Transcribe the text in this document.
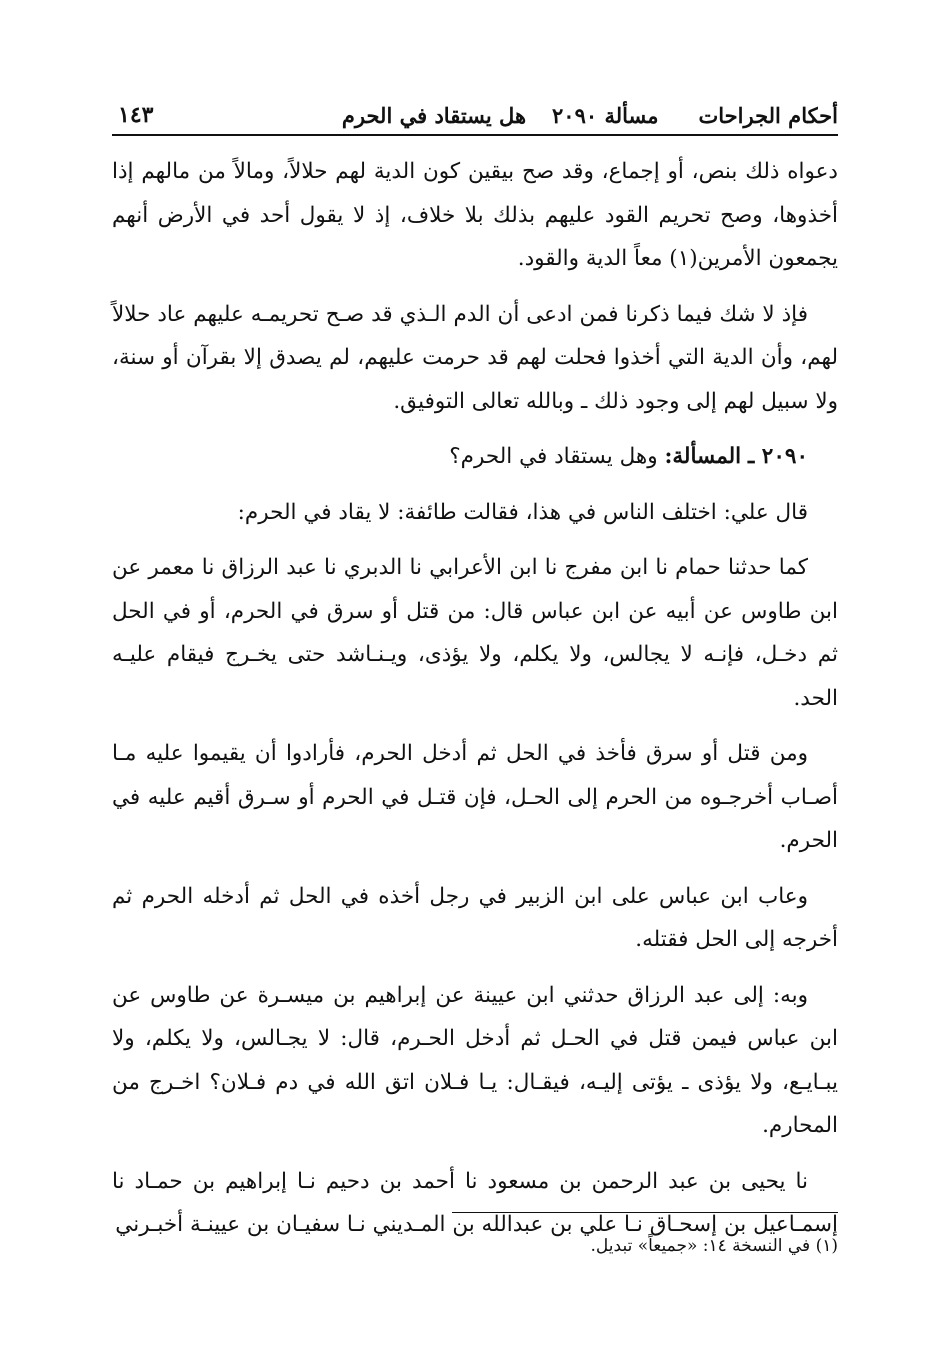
أحكام الجراحات
مسألة ٢٠٩٠
هل يستقاد في الحرم
١٤٣

دعواه ذلك بنص، أو إجماع، وقد صح بيقين كون الدية لهم حلالاً، ومالاً من مالهم إذا أخذوها، وصح تحريم القود عليهم بذلك بلا خلاف، إذ لا يقول أحد في الأرض أنهم يجمعون الأمرين(١) معاً الدية والقود.

فإذ لا شك فيما ذكرنا فمن ادعى أن الدم الـذي قد صـح تحريمـه عليهم عاد حلالاً لهم، وأن الدية التي أخذوا فحلت لهم قد حرمت عليهم، لم يصدق إلا بقرآن أو سنة، ولا سبيل لهم إلى وجود ذلك ـ وبالله تعالى التوفيق.

٢٠٩٠ ـ المسألة: وهل يستقاد في الحرم؟

قال علي: اختلف الناس في هذا، فقالت طائفة: لا يقاد في الحرم:

كما حدثنا حمام نا ابن مفرج نا ابن الأعرابي نا الدبري نا عبد الرزاق نا معمر عن ابن طاوس عن أبيه عن ابن عباس قال: من قتل أو سرق في الحرم، أو في الحل ثم دخـل، فإنـه لا يجالس، ولا يكلم، ولا يؤذى، ويـنـاشد حتى يخـرج فيقام عليـه الحد.

ومن قتل أو سرق فأخذ في الحل ثم أدخل الحرم، فأرادوا أن يقيموا عليه مـا أصـاب أخرجـوه من الحرم إلى الحـل، فإن قتـل في الحرم أو سـرق أقيم عليه في الحرم.

وعاب ابن عباس على ابن الزبير في رجل أخذه في الحل ثم أدخله الحرم ثم أخرجه إلى الحل فقتله.

وبه: إلى عبد الرزاق حدثني ابن عيينة عن إبراهيم بن ميسـرة عن طاوس عن ابن عباس فيمن قتل في الحـل ثم أدخل الحـرم، قال: لا يجـالس، ولا يكلم، ولا يبـايـع، ولا يؤذى ـ يؤتى إليـه، فيقـال: يـا فـلان اتق الله في دم فـلان؟ اخـرج من المحارم.

نا يحيى بن عبد الرحمن بن مسعود نا أحمد بن دحيم نـا إبراهيم بن حمـاد نا إسمـاعيل بن إسحـاق نـا علي بن عبدالله بن المـديني نـا سفيـان بن عيينـة أخبـرني

(١) في النسخة ١٤: «جميعاً» تبديل.
